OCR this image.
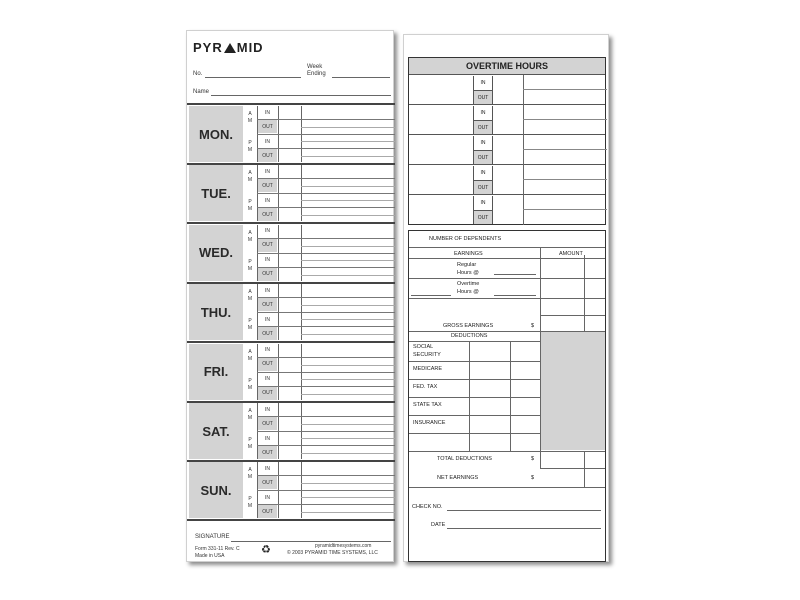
PYR MID
No.
Week
Ending
Name
MON.
A
M
P
M
IN
OUT
IN
OUT
TUE.
A
M
P
M
IN
OUT
IN
OUT
WED.
A
M
P
M
IN
OUT
IN
OUT
THU.
A
M
P
M
IN
OUT
IN
OUT
FRI.
A
M
P
M
IN
OUT
IN
OUT
SAT.
A
M
P
M
IN
OUT
IN
OUT
SUN.
A
M
P
M
IN
OUT
IN
OUT
SIGNATURE
Form 331-11 Rev. C
Made in USA	♻	pyramidtimesystems.com
© 2003 PYRAMID TIME SYSTEMS, LLC
OVERTIME HOURS
IN
OUT
IN
OUT
IN
OUT
IN
OUT
IN
OUT
NUMBER OF DEPENDENTS
EARNINGS	AMOUNT
Regular
Hours @
Overtime
Hours @
GROSS EARNINGS	$
DEDUCTIONS
SOCIAL
SECURITY
MEDICARE
FED. TAX
STATE TAX
INSURANCE
TOTAL DEDUCTIONS	$
NET EARNINGS	$
CHECK NO.
DATE
